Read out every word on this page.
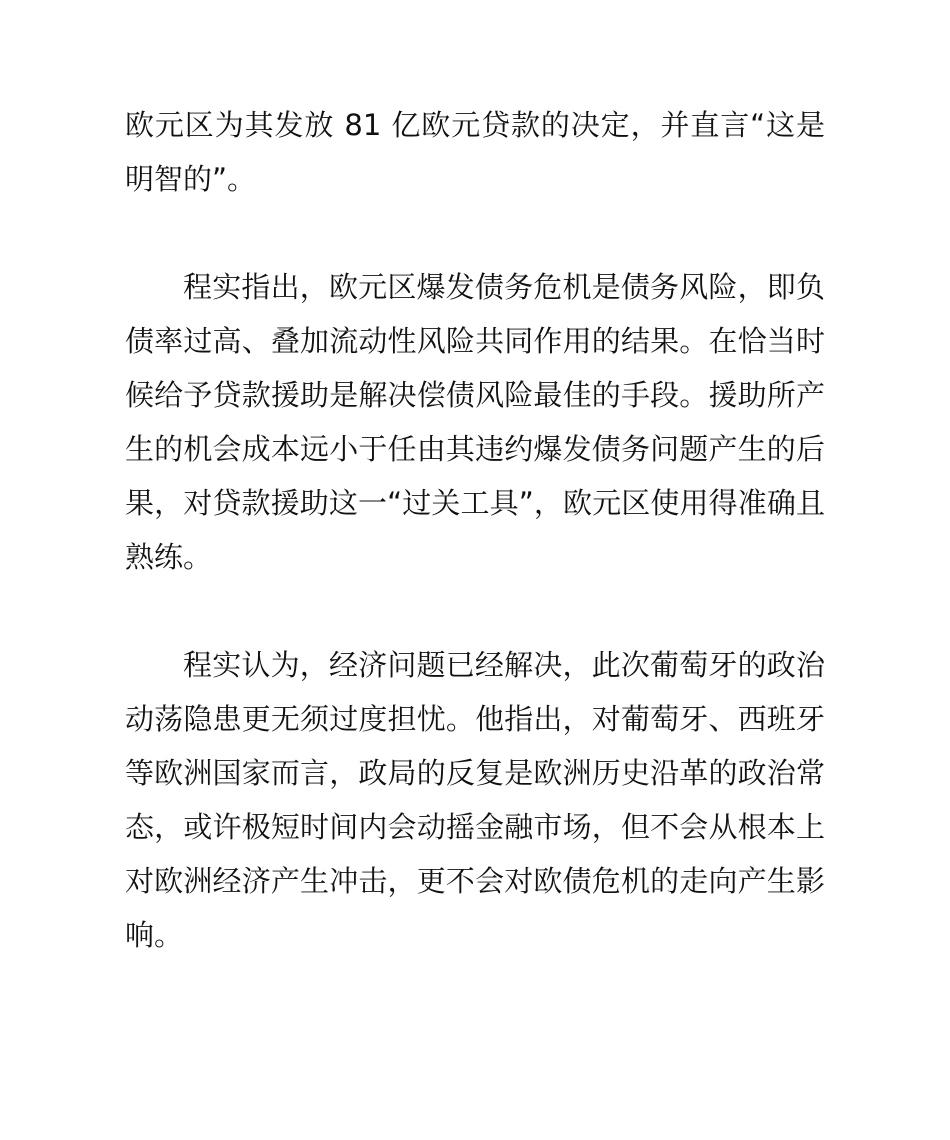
欧元区为其发放 81 亿欧元贷款的决定，并直言“这是明智的”。

程实指出，欧元区爆发债务危机是债务风险，即负债率过高、叠加流动性风险共同作用的结果。在恰当时候给予贷款援助是解决偿债风险最佳的手段。援助所产生的机会成本远小于任由其违约爆发债务问题产生的后果，对贷款援助这一“过关工具”，欧元区使用得准确且熟练。

程实认为，经济问题已经解决，此次葡萄牙的政治动荡隐患更无须过度担忧。他指出，对葡萄牙、西班牙等欧洲国家而言，政局的反复是欧洲历史沿革的政治常态，或许极短时间内会动摇金融市场，但不会从根本上对欧洲经济产生冲击，更不会对欧债危机的走向产生影响。
